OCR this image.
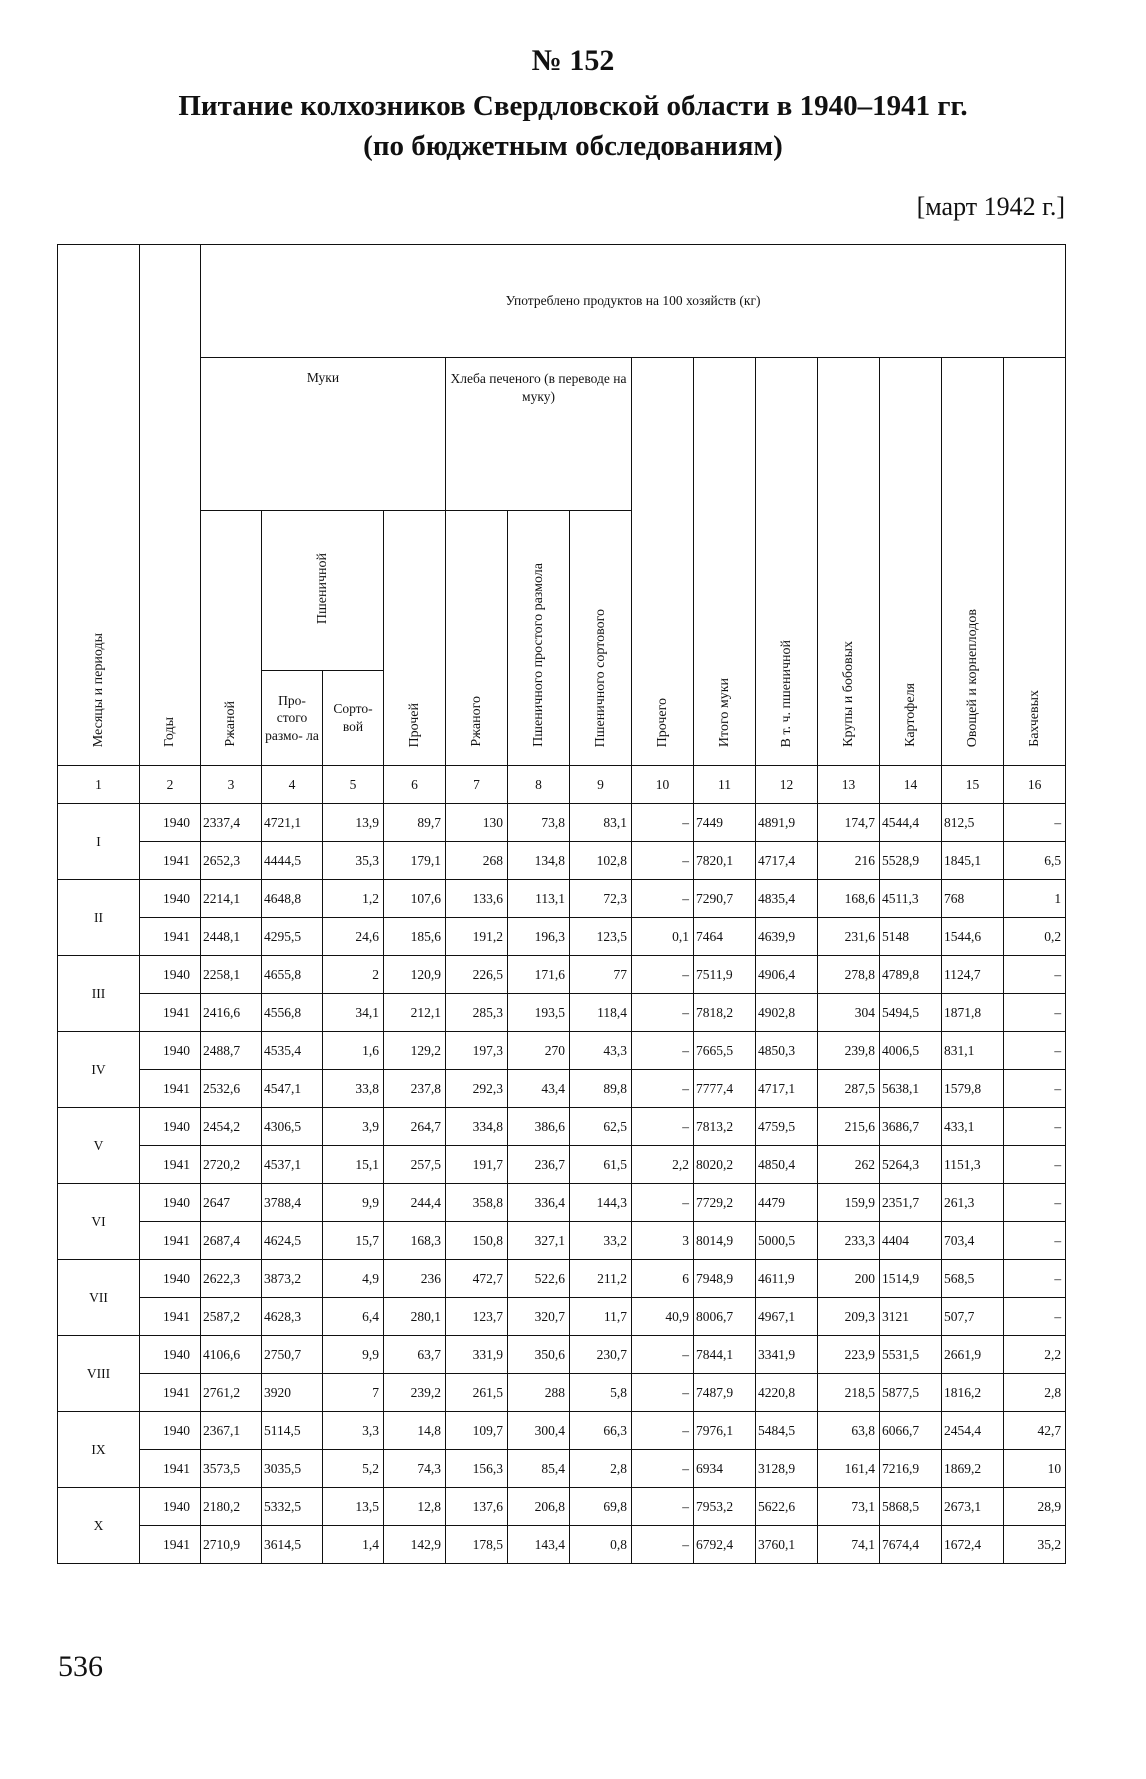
№ 152
Питание колхозников Свердловской области в 1940–1941 гг.
(по бюджетным обследованиям)
[март 1942 г.]
Месяцы и периоды	Годы	Употреблено продуктов на 100 хозяйств (кг)													
		Муки				Хлеба печеного (в переводе на муку)			Прочего	Итого муки	В т. ч. пшеничной	Крупы и бобовых	Картофеля	Овощей и корнеплодов	Бахчевых
		Ржаной	Пшеничной		Прочей	Ржаного	Пшеничного простого размола	Пшеничного сортового							
			Про- стого размо- ла	Сорто- вой											
1	2	3	4	5	6	7	8	9	10	11	12	13	14	15	16
I	1940	2337,4	4721,1	13,9	89,7	130	73,8	83,1	–	7449	4891,9	174,7	4544,4	812,5	–
	1941	2652,3	4444,5	35,3	179,1	268	134,8	102,8	–	7820,1	4717,4	216	5528,9	1845,1	6,5
II	1940	2214,1	4648,8	1,2	107,6	133,6	113,1	72,3	–	7290,7	4835,4	168,6	4511,3	768	1
	1941	2448,1	4295,5	24,6	185,6	191,2	196,3	123,5	0,1	7464	4639,9	231,6	5148	1544,6	0,2
III	1940	2258,1	4655,8	2	120,9	226,5	171,6	77	–	7511,9	4906,4	278,8	4789,8	1124,7	–
	1941	2416,6	4556,8	34,1	212,1	285,3	193,5	118,4	–	7818,2	4902,8	304	5494,5	1871,8	–
IV	1940	2488,7	4535,4	1,6	129,2	197,3	270	43,3	–	7665,5	4850,3	239,8	4006,5	831,1	–
	1941	2532,6	4547,1	33,8	237,8	292,3	43,4	89,8	–	7777,4	4717,1	287,5	5638,1	1579,8	–
V	1940	2454,2	4306,5	3,9	264,7	334,8	386,6	62,5	–	7813,2	4759,5	215,6	3686,7	433,1	–
	1941	2720,2	4537,1	15,1	257,5	191,7	236,7	61,5	2,2	8020,2	4850,4	262	5264,3	1151,3	–
VI	1940	2647	3788,4	9,9	244,4	358,8	336,4	144,3	–	7729,2	4479	159,9	2351,7	261,3	–
	1941	2687,4	4624,5	15,7	168,3	150,8	327,1	33,2	3	8014,9	5000,5	233,3	4404	703,4	–
VII	1940	2622,3	3873,2	4,9	236	472,7	522,6	211,2	6	7948,9	4611,9	200	1514,9	568,5	–
	1941	2587,2	4628,3	6,4	280,1	123,7	320,7	11,7	40,9	8006,7	4967,1	209,3	3121	507,7	–
VIII	1940	4106,6	2750,7	9,9	63,7	331,9	350,6	230,7	–	7844,1	3341,9	223,9	5531,5	2661,9	2,2
	1941	2761,2	3920	7	239,2	261,5	288	5,8	–	7487,9	4220,8	218,5	5877,5	1816,2	2,8
IX	1940	2367,1	5114,5	3,3	14,8	109,7	300,4	66,3	–	7976,1	5484,5	63,8	6066,7	2454,4	42,7
	1941	3573,5	3035,5	5,2	74,3	156,3	85,4	2,8	–	6934	3128,9	161,4	7216,9	1869,2	10
X	1940	2180,2	5332,5	13,5	12,8	137,6	206,8	69,8	–	7953,2	5622,6	73,1	5868,5	2673,1	28,9
	1941	2710,9	3614,5	1,4	142,9	178,5	143,4	0,8	–	6792,4	3760,1	74,1	7674,4	1672,4	35,2
536
